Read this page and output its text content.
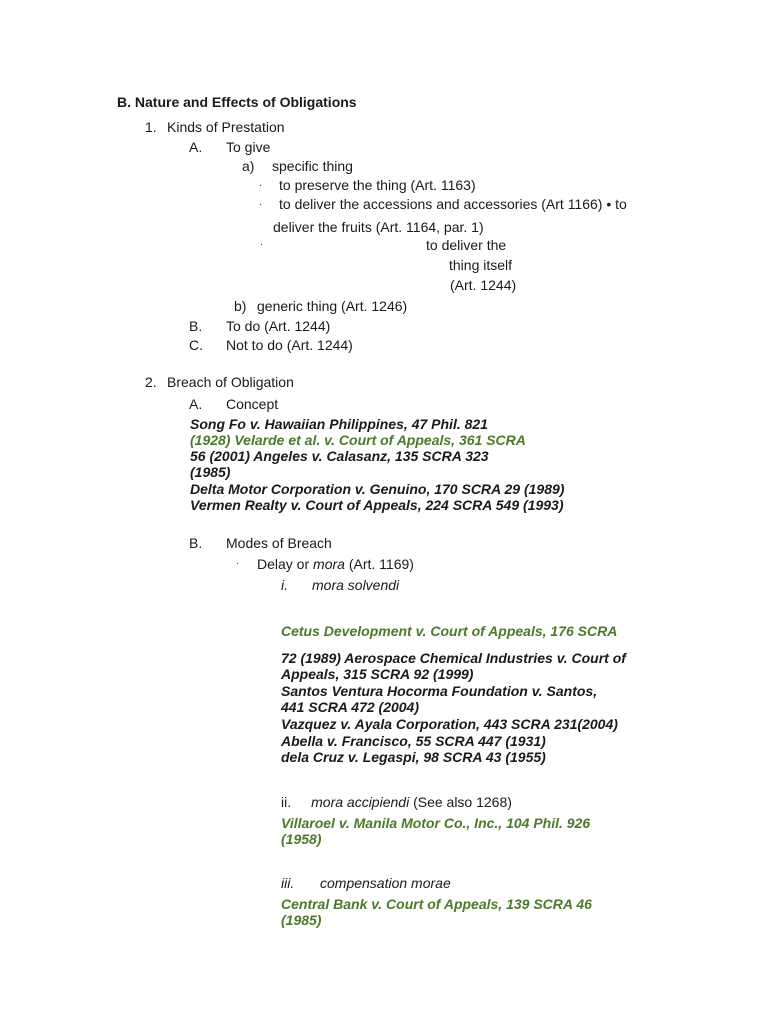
B. Nature and Effects of Obligations
1. Kinds of Prestation
A. To give
a) specific thing
· to preserve the thing (Art. 1163)
· to deliver the accessions and accessories (Art 1166) • to
deliver the fruits (Art. 1164, par. 1)
·	to deliver the
thing itself
(Art. 1244)
b) generic thing (Art. 1246)
B. To do (Art. 1244)
C. Not to do (Art. 1244)
2. Breach of Obligation
A. Concept
Song Fo v. Hawaiian Philippines, 47 Phil. 821
(1928) Velarde et al. v. Court of Appeals, 361 SCRA
56 (2001) Angeles v. Calasanz, 135 SCRA 323
(1985)
Delta Motor Corporation v. Genuino, 170 SCRA 29 (1989)
Vermen Realty v. Court of Appeals, 224 SCRA 549 (1993)
B. Modes of Breach
· Delay or mora (Art. 1169)
i. mora solvendi
Cetus Development v. Court of Appeals, 176 SCRA
72 (1989) Aerospace Chemical Industries v. Court of
Appeals, 315 SCRA 92 (1999)
Santos Ventura Hocorma Foundation v. Santos,
441 SCRA 472 (2004)
Vazquez v. Ayala Corporation, 443 SCRA 231(2004)
Abella v. Francisco, 55 SCRA 447 (1931)
dela Cruz v. Legaspi, 98 SCRA 43 (1955)
ii. mora accipiendi (See also 1268)
Villaroel v. Manila Motor Co., Inc., 104 Phil. 926
(1958)
iii. compensation morae
Central Bank v. Court of Appeals, 139 SCRA 46
(1985)
